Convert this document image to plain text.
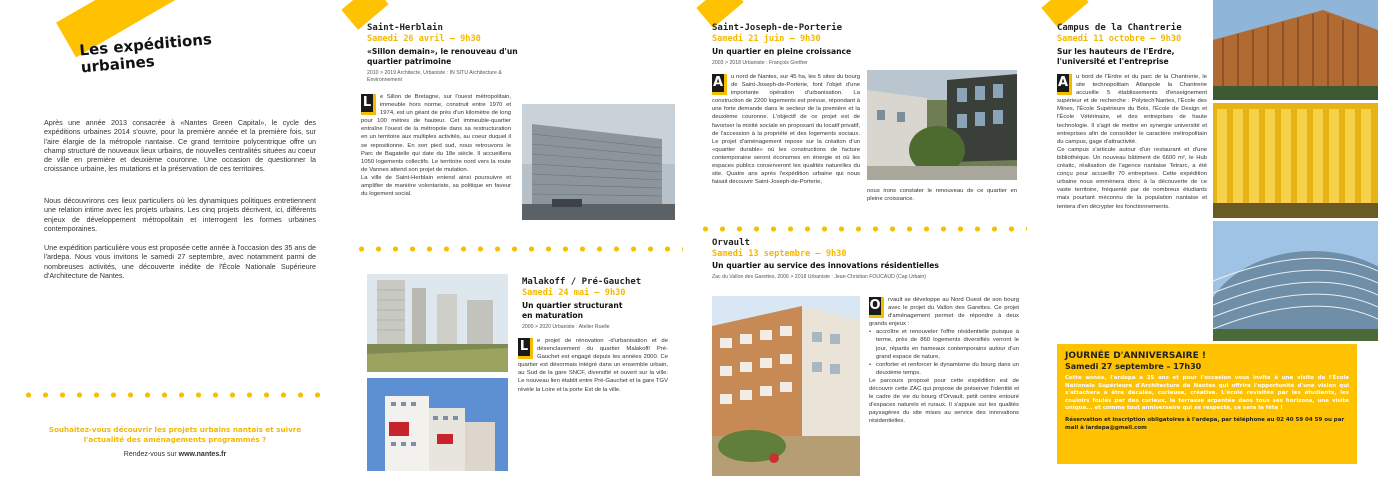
Les expéditions urbaines
Après une année 2013 consacrée à «Nantes Green Capital», le cycle des expéditions urbaines 2014 s'ouvre, pour la première année et la première fois, sur l'aire élargie de la métropole nantaise. Ce grand territoire polycentrique offre un champ structuré de nouveaux lieux urbains, de nouvelles centralités situées au coeur de ville en première et deuxième couronne. Une occasion de questionner la croissance urbaine, les mutations et la préservation de ces territoires.
Nous découvrirons ces lieux particuliers où les dynamiques politiques entretiennent une relation intime avec les projets urbains. Les cinq projets décrivent, ici, différents enjeux de développement métropolitain et interrogent les formes urbaines contemporaines.
Une expédition particulière vous est proposée cette année à l'occasion des 35 ans de l'ardepa. Nous vous invitons le samedi 27 septembre, avec notamment parmi de nombreuses activités, une découverte inédite de l'École Nationale Supérieure d'Architecture de Nantes.
Souhaitez-vous découvrir les projets urbains nantais et suivre l'actualité des aménagements programmés ?
Rendez-vous sur www.nantes.fr
Saint-Herblain
Samedi 26 avril – 9h30
«Sillon demain», le renouveau d'un quartier patrimoine
2010 > 2019 Architecte, Urbaniste : IN SITU Architecture & Environnement
L	e Sillon de Bretagne, sur l'ouest métropolitain, immeuble hors norme, construit entre 1970 et 1974, est un géant de près d'un kilomètre de long pour 100 mètres de hauteur. Cet immeuble-quartier entraîne l'ouest de la métropole dans sa restructuration en un territoire aux multiples activités, au coeur duquel il se repositionne. En son pied sud, nous retrouvons le Parc de Bagatelle qui date du 18e siècle. Il accueillera 1050 logements collectifs. Le territoire nord vers la route de Vannes attend son projet de mutation.
La ville de Saint-Herblain entend ainsi poursuivre et amplifier de manière volontariste, sa politique en faveur du logement social.
Malakoff / Pré-Gauchet
Samedi 24 mai – 9h30
Un quartier structurant en maturation
2000 > 2020 Urbaniste : Atelier Ruelle
L	e projet de rénovation -d'urbanisation et de désenclavement du quartier Malakoff/ Pré-Gauchet est engagé depuis les années 2000. Ce quartier est désormais intégré dans un ensemble urbain, au Sud de la gare SNCF, diversifié et ouvert sur la ville. Le nouveau lien établit entre Pré-Gauchet et la gare TGV révèle la Loire et la porte Est de la ville.
Saint-Joseph-de-Porterie
Samedi 21 juin – 9h30
Un quartier en pleine croissance
2003 > 2018 Urbaniste : François Grether
A u nord de Nantes, sur 45 ha, les 5 sites du bourg de Saint-Joseph-de-Porterie, font l'objet d'une importante opération d'urbanisation. La construction de 2200 logements est prévue, répondant à une forte demande dans le secteur de la première et la deuxième couronne. L'objectif de ce projet est de favoriser la mixité sociale en proposant du locatif privatif, de l'accession à la propriété et des logements sociaux. Le projet d'aménagement repose sur la création d'un «quartier durable» où les constructions de facture contemporaine seront économes en énergie et où les espaces publics conserveront les qualités naturelles du site. Quatre ans après l'expédition urbaine qui nous faisait découvrir Saint-Joseph-de-Porterie,
nous irons constater le renouveau de ce quartier en pleine croissance.
Orvault
Samedi 13 septembre – 9h30
Un quartier au service des innovations résidentielles
Zac du Vallon des Garettes, 2006 > 2018 Urbaniste : Jean-Christian FOUCAUD (Cap Urbain)
O rvault se développe au Nord Ouest de son bourg avec le projet du Vallon des Garettes. Ce projet d'aménagement permet de répondre à deux grands enjeux :
• accroître et renouveler l'offre résidentielle puisque à terme, près de 860 logements diversifiés verront le jour, répartis en hameaux contemporains autour d'un grand espace de nature,
• conforter et renforcer le dynamisme du bourg dans un deuxième temps.
Le parcours proposé pour cette expédition est de découvrir cette ZAC qui propose de préserver l'identité et le cadre de vie du bourg d'Orvault, petit centre entouré d'espaces naturels et ruraux. Il s'appuie sur les qualités paysagères du site mises au service des innovations résidentielles.
Campus de la Chantrerie
Samedi 11 octobre – 9h30
Sur les hauteurs de l'Erdre, l'université et l'entreprise
A u bord de l'Erdre et du parc de la Chantrerie, le site technopolitain Atlanpole la Chantrerie accueille 5 établissements d'enseignement supérieur et de recherche : Polytech'Nantes, l'École des Mines, l'École Supérieure du Bois, l'École de Design et l'École Vétérinaire, et des entreprises de haute technologie. Il s'agit de mettre en synergie université et entreprises afin de consolider le caractère métropolitain du campus, gage d'attractivité.
Ce campus s'articule autour d'un restaurant et d'une bibliothèque. Un nouveau bâtiment de 6600 m², le Hub créatic, réalisation de l'agence nantaise Tetrarc, a été conçu pour accueillir 70 entreprises. Cette expédition urbaine nous emmènera donc à la découverte de ce vaste territoire, fréquenté par de nombreux étudiants mais pourtant méconnu de la population nantaise et tentera d'en décrypter les fonctionnements.
JOURNÉE D'ANNIVERSAIRE !
Samedi 27 septembre – 17h30
Cette année, l'ardepa a 35 ans et pour l'occasion vous invite à une visite de l'École Nationale Supérieure d'Architecture de Nantes qui offrira l'opportunité d'une vision qui s'attachera à être décalée, curieuse, créative. L'école revisitée par les étudiants, les couloirs foulés par des curieux, la terrasse arpentée dans tous ses horizons, une visite unique... et comme tout anniversaire qui se respecte, ce sera la fête !
Réservation et inscription obligatoires à l'ardepa, par téléphone au 02 40 59 04 59 ou par mail à lardepa@gmail.com
